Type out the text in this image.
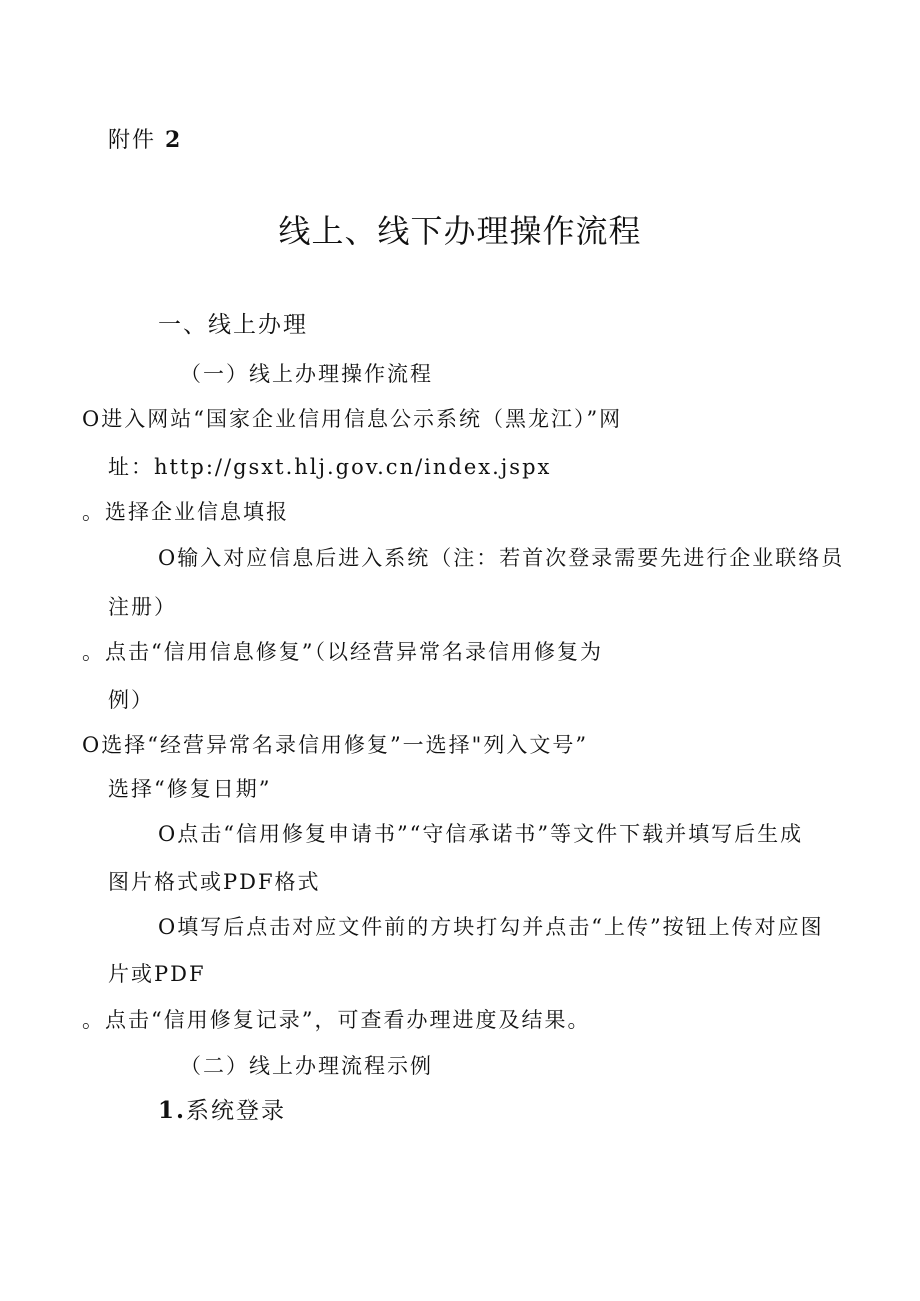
附件 2
线上、线下办理操作流程
一、线上办理
（一）线上办理操作流程
O进入网站“国家企业信用信息公示系统（黑龙江）”网
址：http://gsxt.hlj.gov.cn/index.jspx
。选择企业信息填报
O输入对应信息后进入系统（注：若首次登录需要先进行企业联络员
注册）
。点击“信用信息修复”（以经营异常名录信用修复为
例）
O选择“经营异常名录信用修复”一选择"列入文号”
选择“修复日期”
O点击“信用修复申请书”“守信承诺书”等文件下载并填写后生成
图片格式或PDF格式
O填写后点击对应文件前的方块打勾并点击“上传”按钮上传对应图
片或PDF
。点击“信用修复记录”，可查看办理进度及结果。
（二）线上办理流程示例
1.系统登录
